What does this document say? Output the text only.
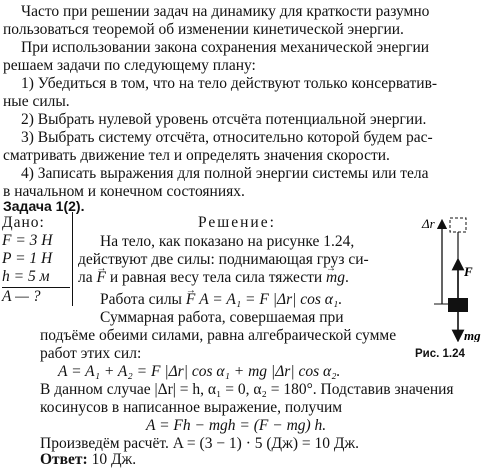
Часто при решении задач на динамику для краткости разумно
пользоваться теоремой об изменении кинетической энергии.
При использовании закона сохранения механической энергии
решаем задачи по следующему плану:
1) Убедиться в том, что на тело действуют только консерватив-
ные силы.
2) Выбрать нулевой уровень отсчёта потенциальной энергии.
3) Выбрать систему отсчёта, относительно которой будем рас-
сматривать движение тел и определять значения скорости.
4) Записать выражения для полной энергии системы или тела
в начальном и конечном состояниях.
Задача 1(2).
Дано:
F = 3 Н
P = 1 Н
h = 5 м
A — ?
Решение:
На тело, как показано на рисунке 1.24,
действуют две силы: поднимающая груз си-
ла → F и равная весу тела сила тяжести → mg.
Работа силы → F A = A₁ = F |Δr| cos α₁.
Суммарная работа, совершаемая при
подъёме обеими силами, равна алгебраической сумме
работ этих сил:
A = A₁ + A₂ = F |Δr| cos α₁ + mg |Δr| cos α₂.
В данном случае |Δr| = h, α₁ = 0, α₂ = 180°. Подставив значения
косинусов в написанное выражение, получим
A = Fh − mgh = (F − mg) h.
Произведём расчёт. A = (3 − 1) · 5 (Дж) = 10 Дж.
Ответ: 10 Дж.
Δr
F
mg
Рис. 1.24
